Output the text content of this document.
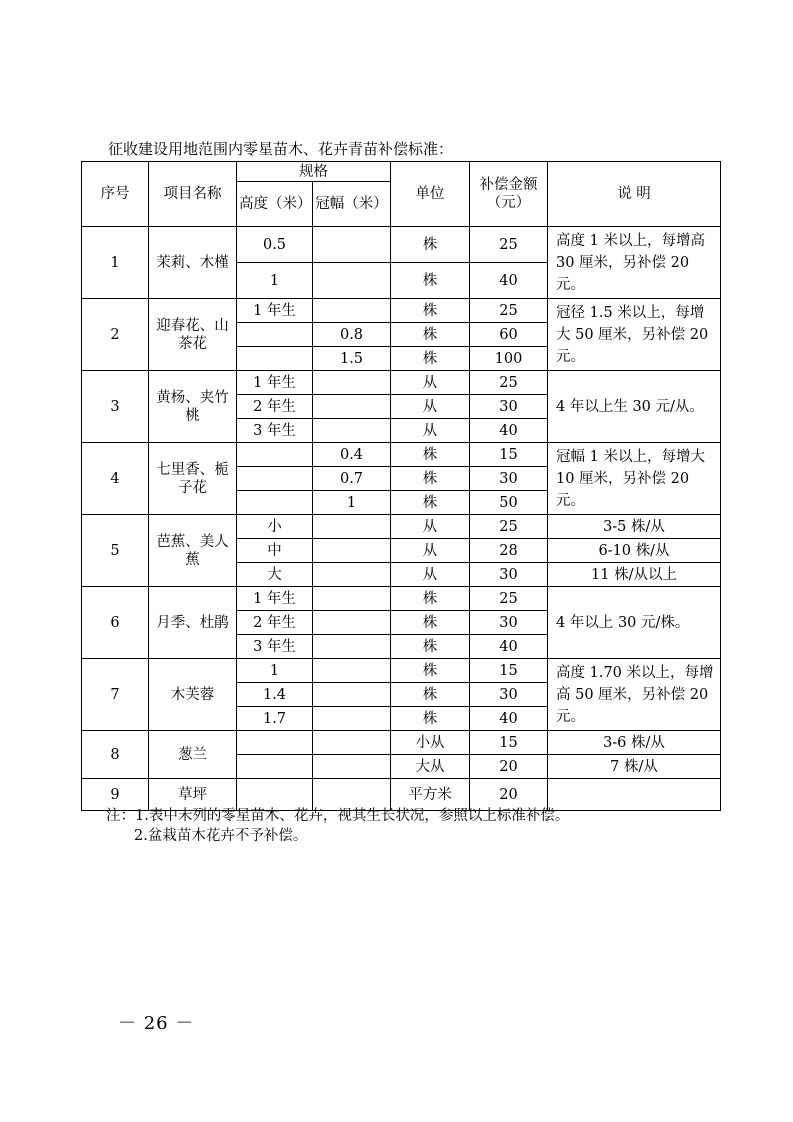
征收建设用地范围内零星苗木、花卉青苗补偿标准：
序号	项目名称	规格		单位	补偿金额（元）	说 明
		高度（米）	冠幅（米）			
1	茉莉、木槿	0.5		株	25	高度 1 米以上，每增高 30 厘米，另补偿 20 元。
		1		株	40	
2	迎春花、山茶花	1 年生		株	25	冠径 1.5 米以上，每增大 50 厘米，另补偿 20 元。
			0.8	株	60	
			1.5	株	100	
3	黄杨、夹竹桃	1 年生		从	25	4 年以上生 30 元/从。
		2 年生		从	30	
		3 年生		从	40	
4	七里香、栀子花		0.4	株	15	冠幅 1 米以上，每增大 10 厘米，另补偿 20 元。
			0.7	株	30	
			1	株	50	
5	芭蕉、美人蕉	小		从	25	3-5 株/从
		中		从	28	6-10 株/从
		大		从	30	11 株/从以上
6	月季、杜鹃	1 年生		株	25	4 年以上 30 元/株。
		2 年生		株	30	
		3 年生		株	40	
7	木芙蓉	1		株	15	高度 1.70 米以上，每增高 50 厘米，另补偿 20 元。
		1.4		株	30	
		1.7		株	40	
8	葱兰			小从	15	3-6 株/从
				大从	20	7 株/从
9	草坪			平方米	20	
注：1.表中未列的零星苗木、花卉，视其生长状况，参照以上标准补偿。
2.盆栽苗木花卉不予补偿。
－ 26 －
